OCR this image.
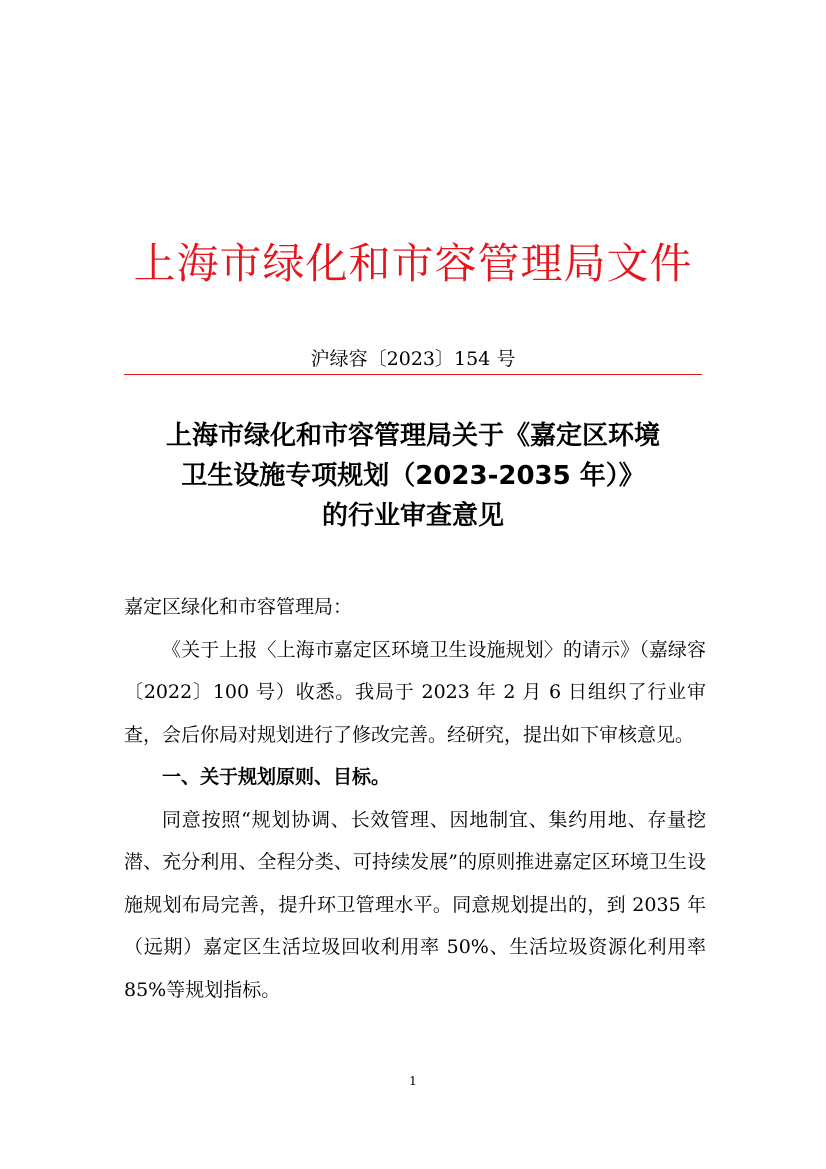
上海市绿化和市容管理局文件
沪绿容〔2023〕154 号
上海市绿化和市容管理局关于《嘉定区环境
卫生设施专项规划（2023-2035 年）》
的行业审查意见

嘉定区绿化和市容管理局：

《关于上报〈上海市嘉定区环境卫生设施规划〉的请示》（嘉绿容〔2022〕100 号）收悉。我局于 2023 年 2 月 6 日组织了行业审查，会后你局对规划进行了修改完善。经研究，提出如下审核意见。

一、关于规划原则、目标。

同意按照“规划协调、长效管理、因地制宜、集约用地、存量挖潜、充分利用、全程分类、可持续发展”的原则推进嘉定区环境卫生设施规划布局完善，提升环卫管理水平。同意规划提出的，到 2035 年（远期）嘉定区生活垃圾回收利用率 50%、生活垃圾资源化利用率 85%等规划指标。

1
